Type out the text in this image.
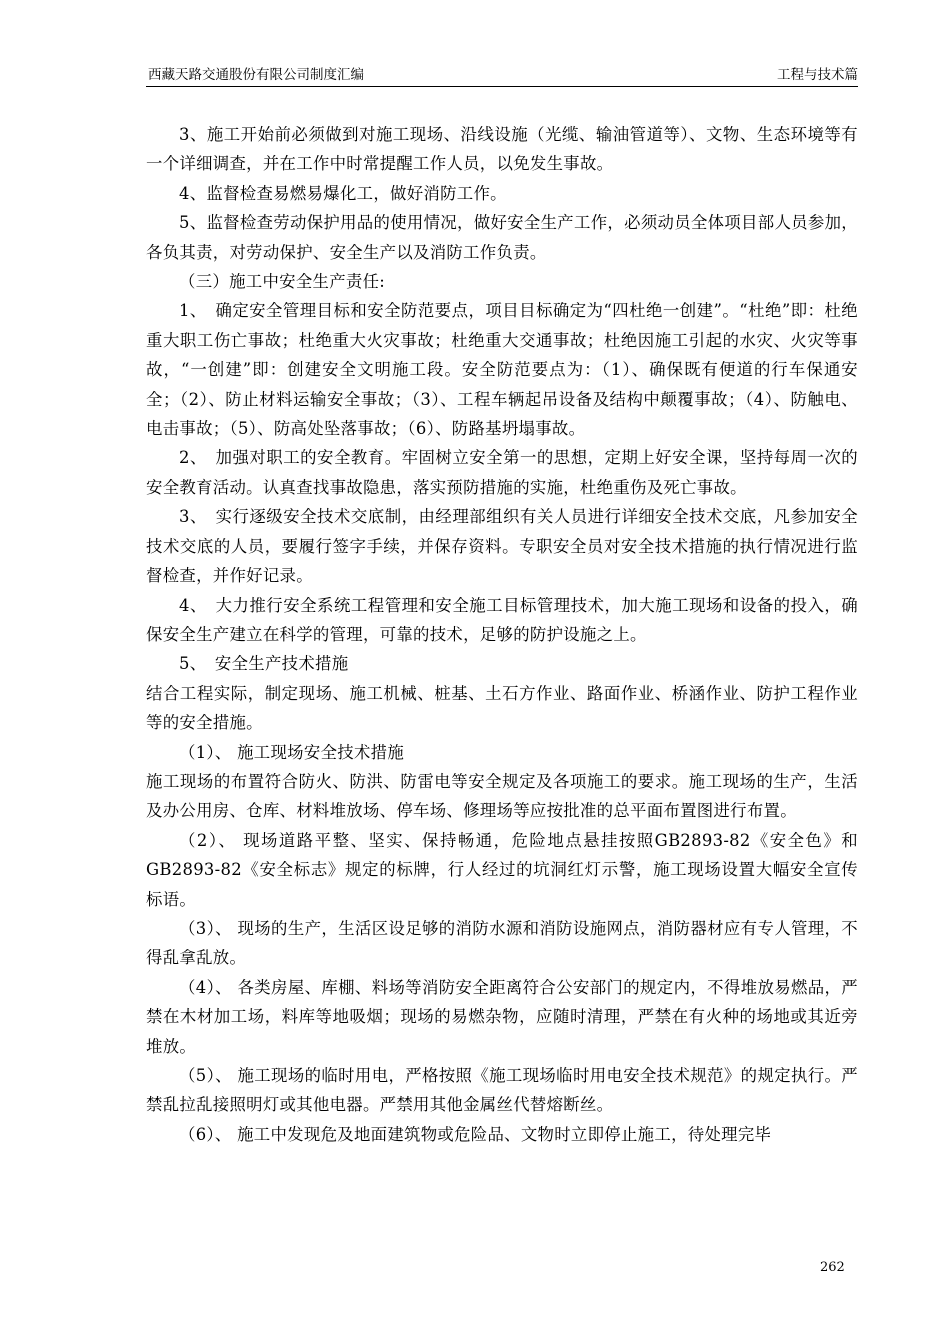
西藏天路交通股份有限公司制度汇编	工程与技术篇

3、施工开始前必须做到对施工现场、沿线设施（光缆、输油管道等）、文物、生态环境等有一个详细调查，并在工作中时常提醒工作人员，以免发生事故。

4、监督检查易燃易爆化工，做好消防工作。

5、监督检查劳动保护用品的使用情况，做好安全生产工作，必须动员全体项目部人员参加，各负其责，对劳动保护、安全生产以及消防工作负责。

（三）施工中安全生产责任:

1、　确定安全管理目标和安全防范要点，项目目标确定为“四杜绝一创建”。“杜绝”即：杜绝重大职工伤亡事故；杜绝重大火灾事故；杜绝重大交通事故；杜绝因施工引起的水灾、火灾等事故，“一创建”即：创建安全文明施工段。安全防范要点为：（1）、确保既有便道的行车保通安全；（2）、防止材料运输安全事故；（3）、工程车辆起吊设备及结构中颠覆事故；（4）、防触电、电击事故；（5）、防高处坠落事故；（6）、防路基坍塌事故。

2、　加强对职工的安全教育。牢固树立安全第一的思想，定期上好安全课，坚持每周一次的安全教育活动。认真查找事故隐患，落实预防措施的实施，杜绝重伤及死亡事故。

3、　实行逐级安全技术交底制，由经理部组织有关人员进行详细安全技术交底，凡参加安全技术交底的人员，要履行签字手续，并保存资料。专职安全员对安全技术措施的执行情况进行监督检查，并作好记录。

4、　大力推行安全系统工程管理和安全施工目标管理技术，加大施工现场和设备的投入，确保安全生产建立在科学的管理，可靠的技术，足够的防护设施之上。

5、　安全生产技术措施

结合工程实际，制定现场、施工机械、桩基、土石方作业、路面作业、桥涵作业、防护工程作业等的安全措施。

（1）、 施工现场安全技术措施

施工现场的布置符合防火、防洪、防雷电等安全规定及各项施工的要求。施工现场的生产，生活及办公用房、仓库、材料堆放场、停车场、修理场等应按批准的总平面布置图进行布置。

（2）、 现场道路平整、坚实、保持畅通，危险地点悬挂按照GB2893-82《安全色》和GB2893-82《安全标志》规定的标牌，行人经过的坑洞红灯示警，施工现场设置大幅安全宣传标语。

（3）、 现场的生产，生活区设足够的消防水源和消防设施网点，消防器材应有专人管理，不得乱拿乱放。

（4）、 各类房屋、库棚、料场等消防安全距离符合公安部门的规定内，不得堆放易燃品，严禁在木材加工场，料库等地吸烟；现场的易燃杂物，应随时清理，严禁在有火种的场地或其近旁堆放。

（5）、 施工现场的临时用电，严格按照《施工现场临时用电安全技术规范》的规定执行。严禁乱拉乱接照明灯或其他电器。严禁用其他金属丝代替熔断丝。

（6）、 施工中发现危及地面建筑物或危险品、文物时立即停止施工，待处理完毕

262
